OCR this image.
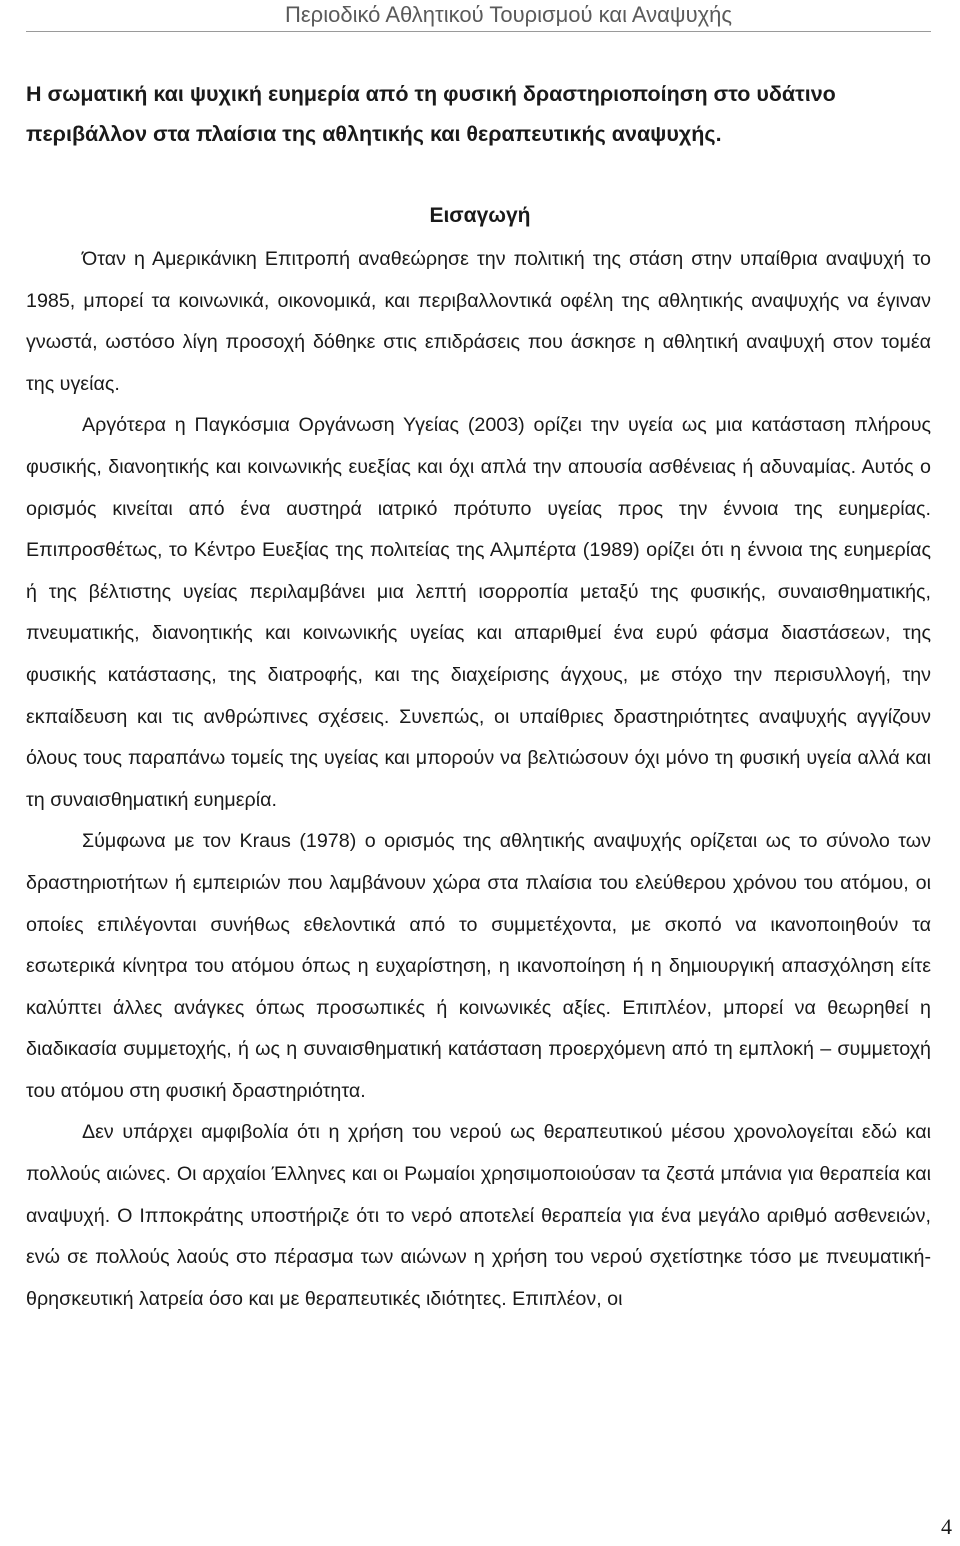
Περιοδικό Αθλητικού Τουρισμού και Αναψυχής
Η σωματική και ψυχική ευημερία από τη φυσική δραστηριοποίηση στο υδάτινο περιβάλλον στα πλαίσια της αθλητικής και θεραπευτικής αναψυχής.
Εισαγωγή

Όταν η Αμερικάνικη Επιτροπή αναθεώρησε την πολιτική της στάση στην υπαίθρια αναψυχή το 1985, μπορεί τα κοινωνικά, οικονομικά, και περιβαλλοντικά οφέλη της αθλητικής αναψυχής να έγιναν γνωστά, ωστόσο λίγη προσοχή δόθηκε στις επιδράσεις που άσκησε η αθλητική αναψυχή στον τομέα της υγείας.

Αργότερα η Παγκόσμια Οργάνωση Υγείας (2003) ορίζει την υγεία ως μια κατάσταση πλήρους φυσικής, διανοητικής και κοινωνικής ευεξίας και όχι απλά την απουσία ασθένειας ή αδυναμίας. Αυτός ο ορισμός κινείται από ένα αυστηρά ιατρικό πρότυπο υγείας προς την έννοια της ευημερίας. Επιπροσθέτως, το Κέντρο Ευεξίας της πολιτείας της Αλμπέρτα (1989) ορίζει ότι η έννοια της ευημερίας ή της βέλτιστης υγείας περιλαμβάνει μια λεπτή ισορροπία μεταξύ της φυσικής, συναισθηματικής, πνευματικής, διανοητικής και κοινωνικής υγείας και απαριθμεί ένα ευρύ φάσμα διαστάσεων, της φυσικής κατάστασης, της διατροφής, και της διαχείρισης άγχους, με στόχο την περισυλλογή, την εκπαίδευση και τις ανθρώπινες σχέσεις. Συνεπώς, οι υπαίθριες δραστηριότητες αναψυχής αγγίζουν όλους τους παραπάνω τομείς της υγείας και μπορούν να βελτιώσουν όχι μόνο τη φυσική υγεία αλλά και τη συναισθηματική ευημερία.

Σύμφωνα με τον Kraus (1978) ο ορισμός της αθλητικής αναψυχής ορίζεται ως το σύνολο των δραστηριοτήτων ή εμπειριών που λαμβάνουν χώρα στα πλαίσια του ελεύθερου χρόνου του ατόμου, οι οποίες επιλέγονται συνήθως εθελοντικά από το συμμετέχοντα, με σκοπό να ικανοποιηθούν τα εσωτερικά κίνητρα του ατόμου όπως η ευχαρίστηση, η ικανοποίηση ή η δημιουργική απασχόληση είτε καλύπτει άλλες ανάγκες όπως προσωπικές ή κοινωνικές αξίες. Επιπλέον, μπορεί να θεωρηθεί η διαδικασία συμμετοχής, ή ως η συναισθηματική κατάσταση προερχόμενη από τη εμπλοκή – συμμετοχή του ατόμου στη φυσική δραστηριότητα.

Δεν υπάρχει αμφιβολία ότι η χρήση του νερού ως θεραπευτικού μέσου χρονολογείται εδώ και πολλούς αιώνες. Οι αρχαίοι Έλληνες και οι Ρωμαίοι χρησιμοποιούσαν τα ζεστά μπάνια για θεραπεία και αναψυχή. Ο Ιπποκράτης υποστήριζε ότι το νερό αποτελεί θεραπεία για ένα μεγάλο αριθμό ασθενειών, ενώ σε πολλούς λαούς στο πέρασμα των αιώνων η χρήση του νερού σχετίστηκε τόσο με πνευματική-θρησκευτική λατρεία όσο και με θεραπευτικές ιδιότητες. Επιπλέον, οι

4
